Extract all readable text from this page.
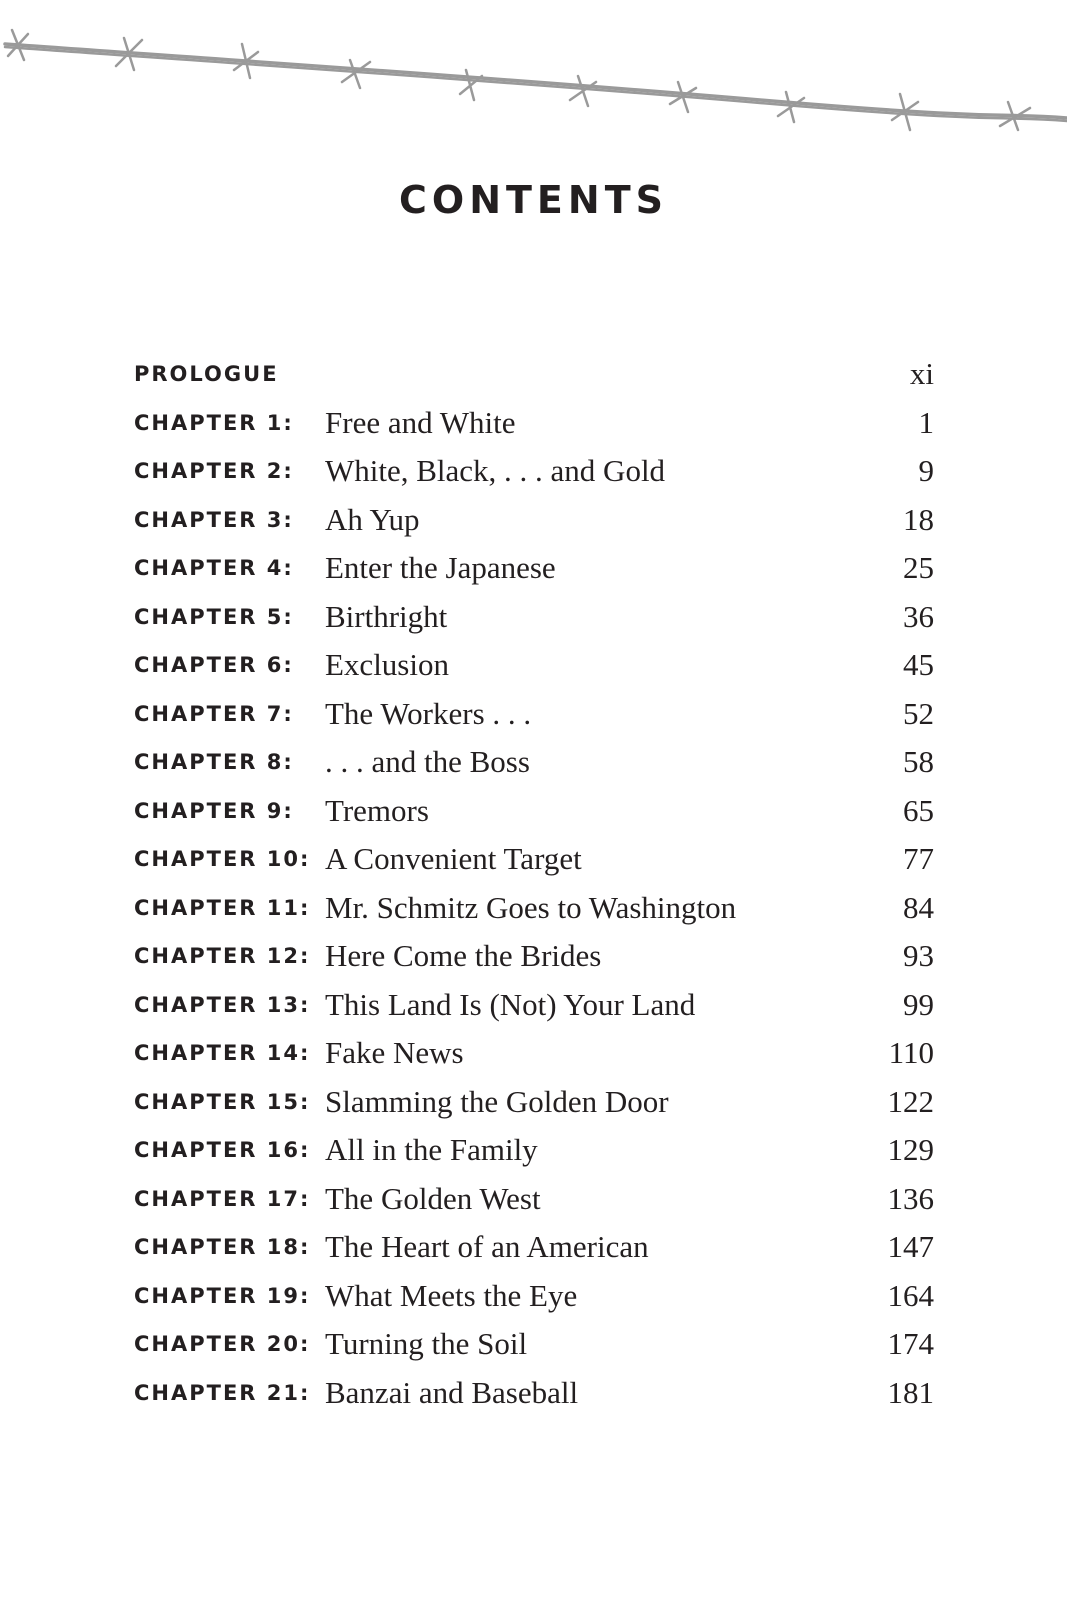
CONTENTS
PROLOGUE	xi
CHAPTER 1: Free and White	1
CHAPTER 2: White, Black, . . . and Gold	9
CHAPTER 3: Ah Yup	18
CHAPTER 4: Enter the Japanese	25
CHAPTER 5: Birthright	36
CHAPTER 6: Exclusion	45
CHAPTER 7: The Workers . . .	52
CHAPTER 8: . . . and the Boss	58
CHAPTER 9: Tremors	65
CHAPTER 10: A Convenient Target	77
CHAPTER 11: Mr. Schmitz Goes to Washington	84
CHAPTER 12: Here Come the Brides	93
CHAPTER 13: This Land Is (Not) Your Land	99
CHAPTER 14: Fake News	110
CHAPTER 15: Slamming the Golden Door	122
CHAPTER 16: All in the Family	129
CHAPTER 17: The Golden West	136
CHAPTER 18: The Heart of an American	147
CHAPTER 19: What Meets the Eye	164
CHAPTER 20: Turning the Soil	174
CHAPTER 21: Banzai and Baseball	181
